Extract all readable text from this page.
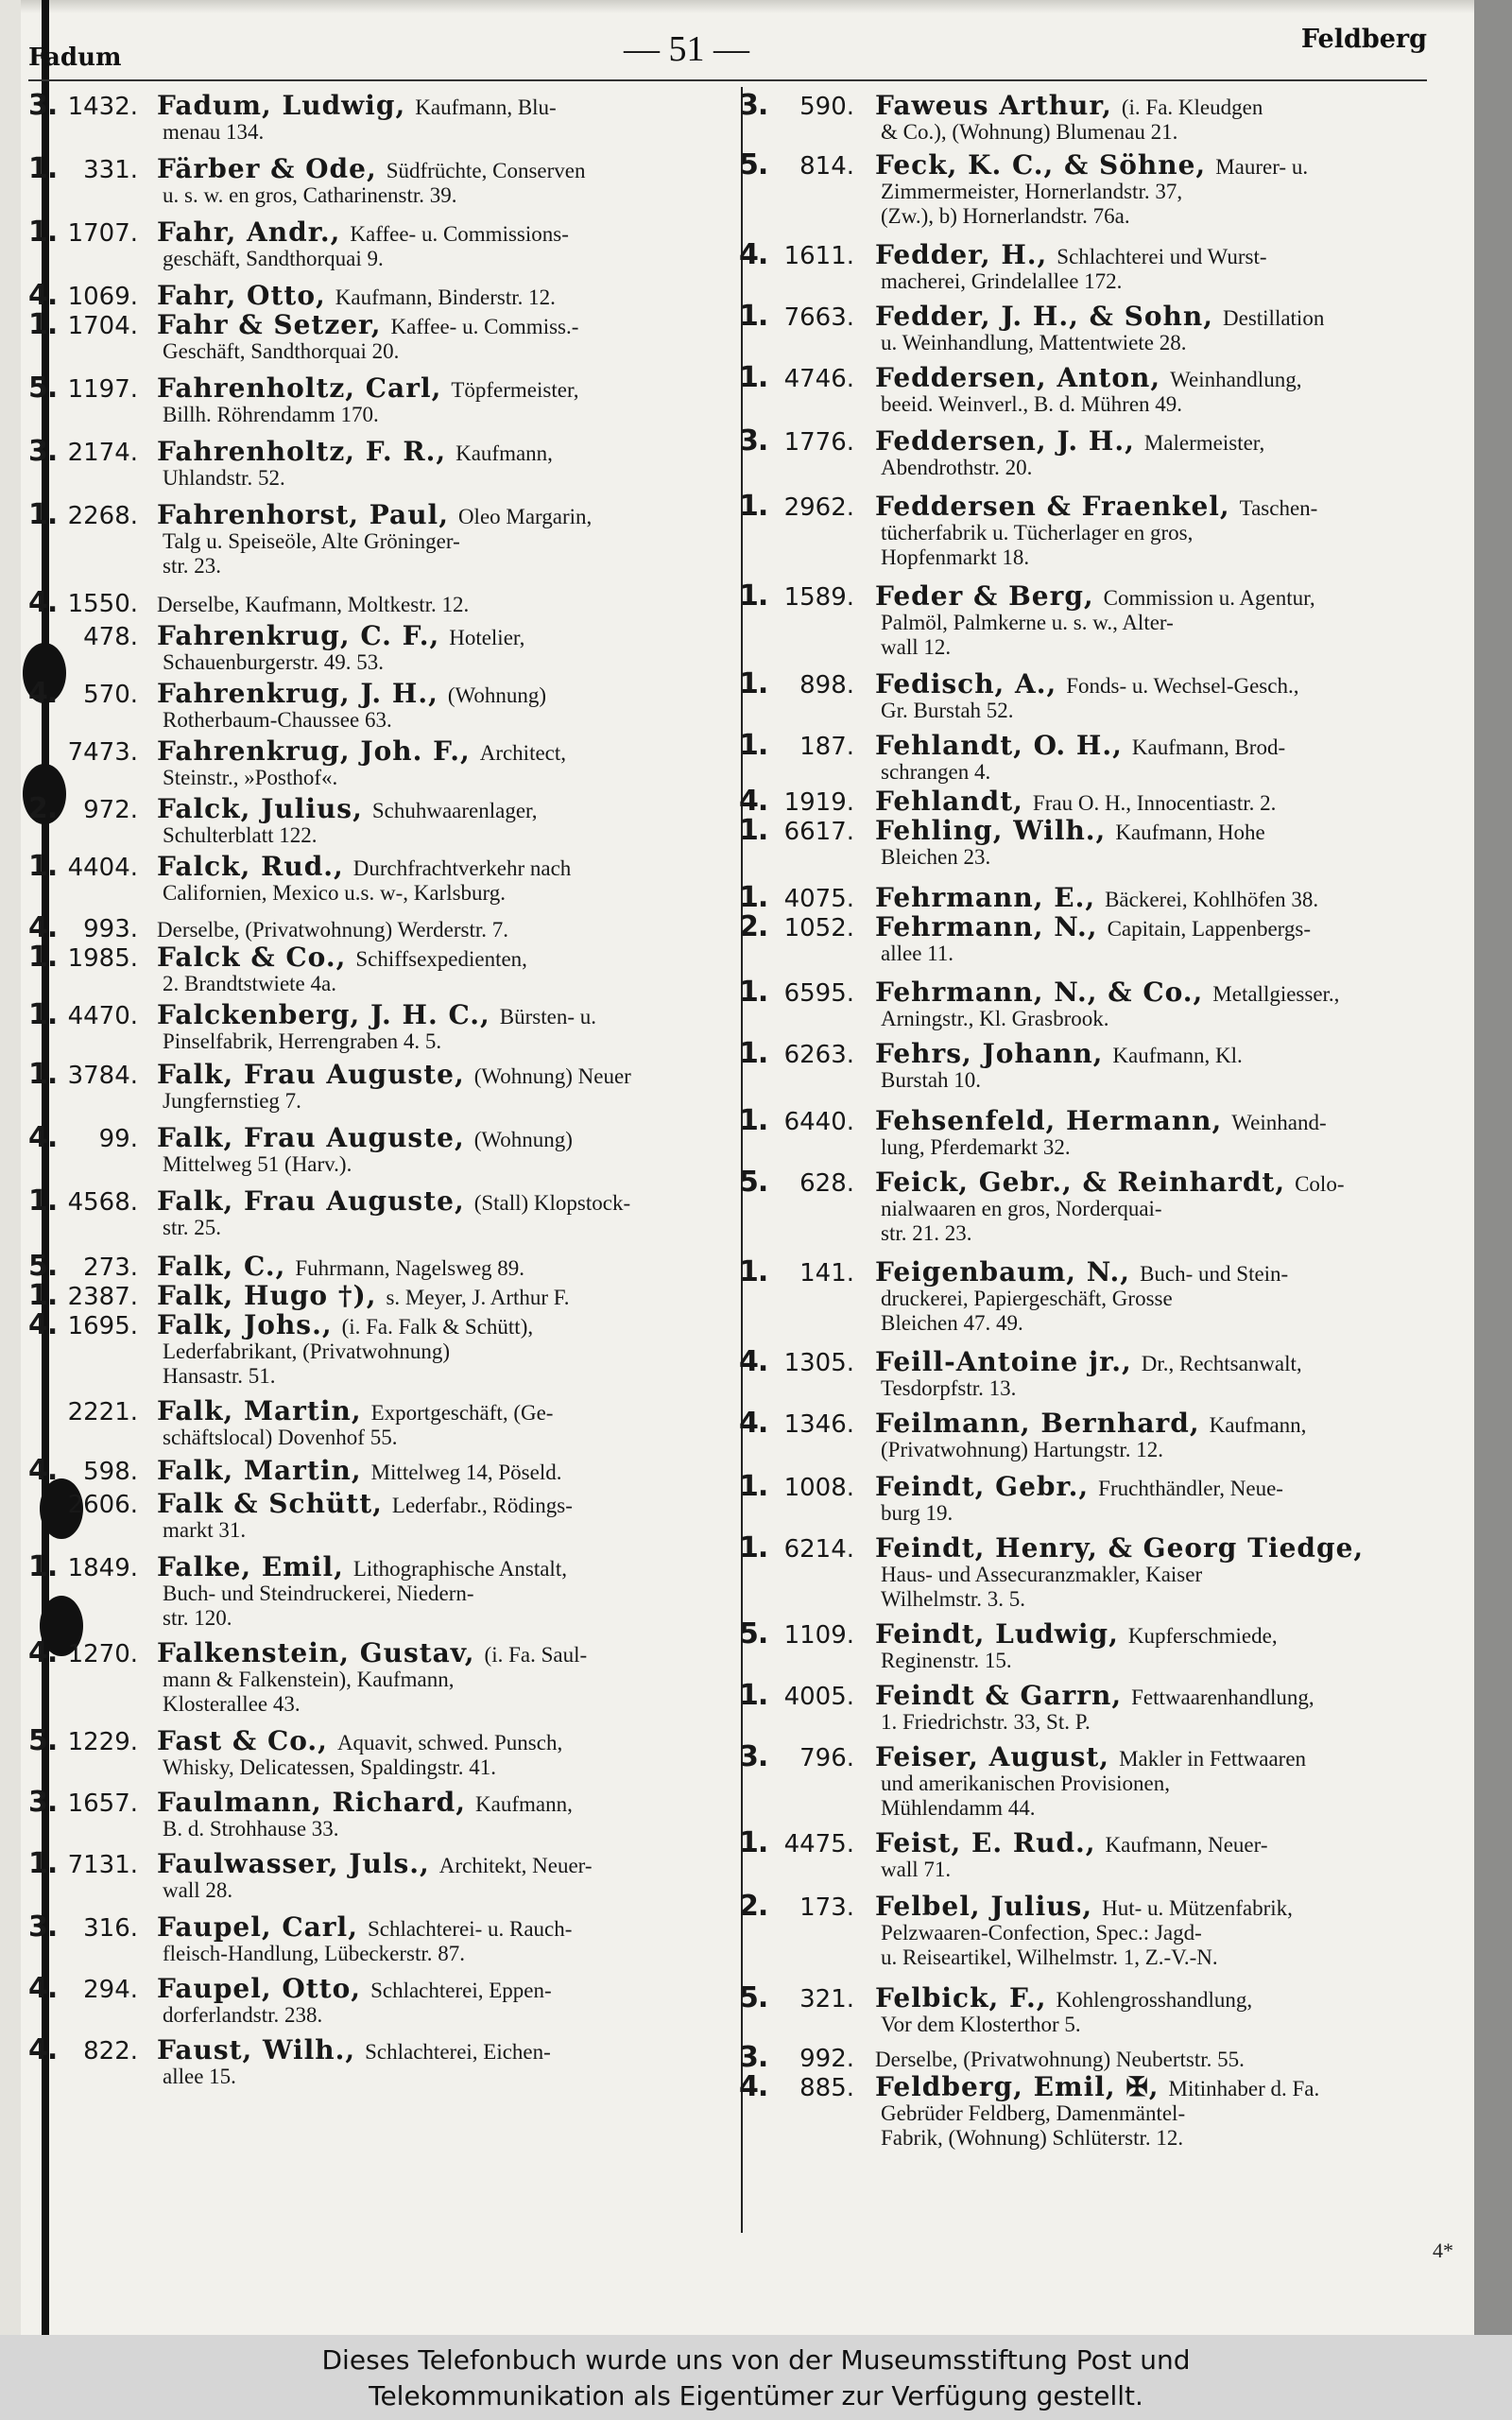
Fadum	— 51 —	Feldberg
3. 1432. Fadum, Ludwig, Kaufmann, Blu-
menau 134.
1.	331. Färber & Ode, Südfrüchte, Conserven
u. s. w. en gros, Catharinenstr. 39.
1. 1707. Fahr, Andr., Kaffee- u. Commissions-
geschäft, Sandthorquai 9.
4. 1069. Fahr, Otto, Kaufmann, Binderstr. 12.
1. 1704. Fahr & Setzer, Kaffee- u. Commiss.-
Geschäft, Sandthorquai 20.
5. 1197. Fahrenholtz, Carl, Töpfermeister,
Billh. Röhrendamm 170.
3. 2174. Fahrenholtz, F. R., Kaufmann,
Uhlandstr. 52.
1. 2268. Fahrenhorst, Paul, Oleo Margarin,
Talg u. Speiseöle, Alte Gröninger-
str. 23.
4. 1550. Derselbe, Kaufmann, Moltkestr. 12.
478. Fahrenkrug, C. F., Hotelier,
Schauenburgerstr. 49. 53.
4.	570. Fahrenkrug, J. H., (Wohnung)
Rotherbaum-Chaussee 63.
7473. Fahrenkrug, Joh. F., Architect,
Steinstr., »Posthof«.
2.	972. Falck, Julius, Schuhwaarenlager,
Schulterblatt 122.
1. 4404. Falck, Rud., Durchfrachtverkehr nach
Californien, Mexico u.s. w-, Karlsburg.
4.	993. Derselbe, (Privatwohnung) Werderstr. 7.
1. 1985. Falck & Co., Schiffsexpedienten,
2. Brandtstwiete 4a.
1. 4470. Falckenberg, J. H. C., Bürsten- u.
Pinselfabrik, Herrengraben 4. 5.
1. 3784. Falk, Frau Auguste, (Wohnung) Neuer
Jungfernstieg 7.
4.	99. Falk, Frau Auguste, (Wohnung)
Mittelweg 51 (Harv.).
1. 4568. Falk, Frau Auguste, (Stall) Klopstock-
str. 25.
5.	273. Falk, C., Fuhrmann, Nagelsweg 89.
1. 2387. Falk, Hugo †), s. Meyer, J. Arthur F.
4. 1695. Falk, Johs., (i. Fa. Falk & Schütt),
Lederfabrikant, (Privatwohnung)
Hansastr. 51.
2221. Falk, Martin, Exportgeschäft, (Ge-
schäftslocal) Dovenhof 55.
4.	598. Falk, Martin, Mittelweg 14, Pöseld.
2606. Falk & Schütt, Lederfabr., Rödings-
markt 31.
1. 1849. Falke, Emil, Lithographische Anstalt,
Buch- und Steindruckerei, Niedern-
str. 120.
4. 1270. Falkenstein, Gustav, (i. Fa. Saul-
mann & Falkenstein), Kaufmann,
Klosterallee 43.
5. 1229. Fast & Co., Aquavit, schwed. Punsch,
Whisky, Delicatessen, Spaldingstr. 41.
3. 1657. Faulmann, Richard, Kaufmann,
B. d. Strohhause 33.
1. 7131. Faulwasser, Juls., Architekt, Neuer-
wall 28.
3.	316. Faupel, Carl, Schlachterei- u. Rauch-
fleisch-Handlung, Lübeckerstr. 87.
4.	294. Faupel, Otto, Schlachterei, Eppen-
dorferlandstr. 238.
4.	822. Faust, Wilh., Schlachterei, Eichen-
allee 15.
3.	590. Faweus Arthur, (i. Fa. Kleudgen
& Co.), (Wohnung) Blumenau 21.
5.	814. Feck, K. C., & Söhne, Maurer- u.
Zimmermeister, Hornerlandstr. 37,
(Zw.), b) Hornerlandstr. 76a.
4. 1611. Fedder, H., Schlachterei und Wurst-
macherei, Grindelallee 172.
1. 7663. Fedder, J. H., & Sohn, Destillation
u. Weinhandlung, Mattentwiete 28.
1. 4746. Feddersen, Anton, Weinhandlung,
beeid. Weinverl., B. d. Mühren 49.
3. 1776. Feddersen, J. H., Malermeister,
Abendrothstr. 20.
1. 2962. Feddersen & Fraenkel, Taschen-
tücherfabrik u. Tücherlager en gros,
Hopfenmarkt 18.
1. 1589. Feder & Berg, Commission u. Agentur,
Palmöl, Palmkerne u. s. w., Alter-
wall 12.
1.	898. Fedisch, A., Fonds- u. Wechsel-Gesch.,
Gr. Burstah 52.
1.	187. Fehlandt, O. H., Kaufmann, Brod-
schrangen 4.
4. 1919. Fehlandt, Frau O. H., Innocentiastr. 2.
1. 6617. Fehling, Wilh., Kaufmann, Hohe
Bleichen 23.
1. 4075. Fehrmann, E., Bäckerei, Kohlhöfen 38.
2. 1052. Fehrmann, N., Capitain, Lappenbergs-
allee 11.
1. 6595. Fehrmann, N., & Co., Metallgiesser.,
Arningstr., Kl. Grasbrook.
1. 6263. Fehrs, Johann, Kaufmann, Kl.
Burstah 10.
1. 6440. Fehsenfeld, Hermann, Weinhand-
lung, Pferdemarkt 32.
5.	628. Feick, Gebr., & Reinhardt, Colo-
nialwaaren en gros, Norderquai-
str. 21. 23.
1.	141. Feigenbaum, N., Buch- und Stein-
druckerei, Papiergeschäft, Grosse
Bleichen 47. 49.
4. 1305. Feill-Antoine jr., Dr., Rechtsanwalt,
Tesdorpfstr. 13.
4. 1346. Feilmann, Bernhard, Kaufmann,
(Privatwohnung) Hartungstr. 12.
1. 1008. Feindt, Gebr., Fruchthändler, Neue-
burg 19.
1. 6214. Feindt, Henry, & Georg Tiedge,
Haus- und Assecuranzmakler, Kaiser
Wilhelmstr. 3. 5.
5. 1109. Feindt, Ludwig, Kupferschmiede,
Reginenstr. 15.
1. 4005. Feindt & Garrn, Fettwaarenhandlung,
1. Friedrichstr. 33, St. P.
3.	796. Feiser, August, Makler in Fettwaaren
und amerikanischen Provisionen,
Mühlendamm 44.
1. 4475. Feist, E. Rud., Kaufmann, Neuer-
wall 71.
2.	173. Felbel, Julius, Hut- u. Mützenfabrik,
Pelzwaaren-Confection, Spec.: Jagd-
u. Reiseartikel, Wilhelmstr. 1, Z.-V.-N.
5.	321. Felbick, F., Kohlengrosshandlung,
Vor dem Klosterthor 5.
3.	992. Derselbe, (Privatwohnung) Neubertstr. 55.
4.	885. Feldberg, Emil, ✠, Mitinhaber d. Fa.
Gebrüder Feldberg, Damenmäntel-
Fabrik, (Wohnung) Schlüterstr. 12.
4*
Dieses Telefonbuch wurde uns von der Museumsstiftung Post und
Telekommunikation als Eigentümer zur Verfügung gestellt.
